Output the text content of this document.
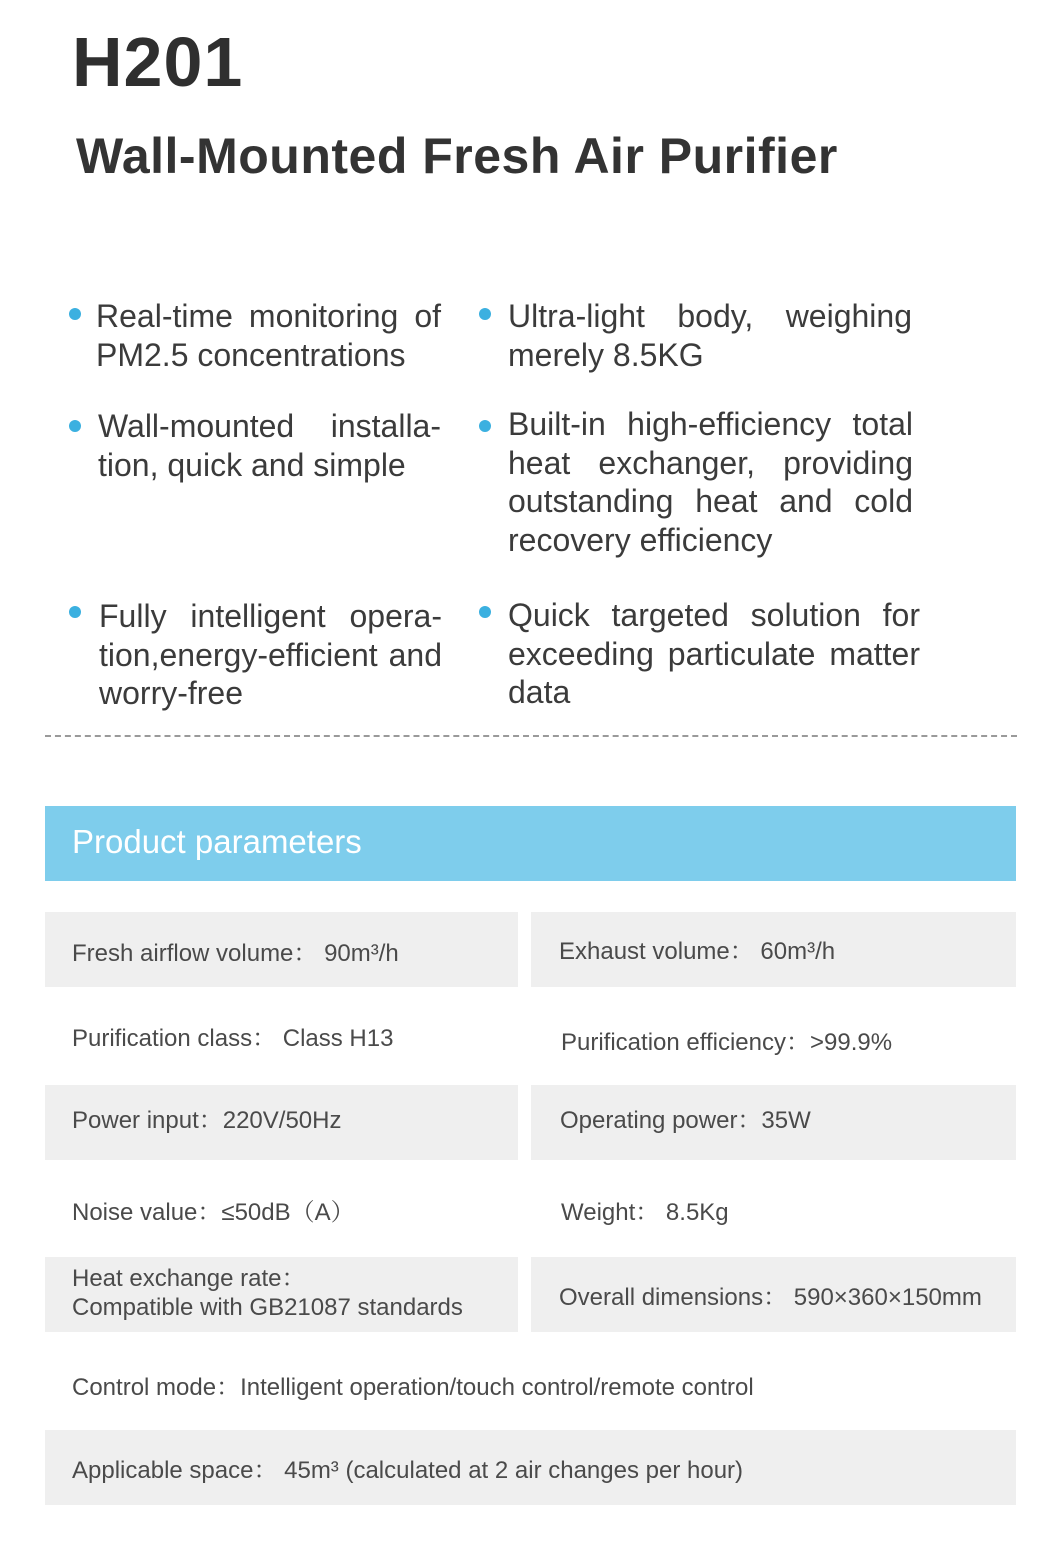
H201
Wall-Mounted Fresh Air Purifier
Real-time monitoring of PM2.5 concentrations
Ultra-light body, weighing merely 8.5KG
Wall-mounted installa-tion, quick and simple
Built-in high-efficiency total heat exchanger, providing outstanding heat and cold recovery efficiency
Fully intelligent opera-tion,energy-efficient and worry-free
Quick targeted solution for exceeding particulate matter data
Product parameters
Fresh airflow volume： 90m³/h	Exhaust volume： 60m³/h
Purification class： Class H13	Purification efficiency：>99.9%
Power input：220V/50Hz	Operating power：35W
Noise value：≤50dB（A）	Weight： 8.5Kg
Heat exchange rate：
Compatible with GB21087 standards	Overall dimensions： 590×360×150mm
Control mode：Intelligent operation/touch control/remote control
Applicable space： 45m³ (calculated at 2 air changes per hour)
